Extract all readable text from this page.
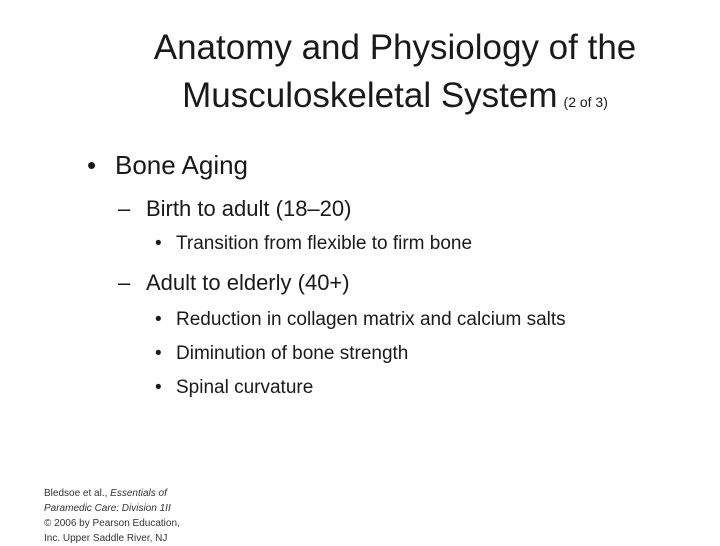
Anatomy and Physiology of the
Musculoskeletal System (2 of 3)
• Bone Aging
– Birth to adult (18–20)
• Transition from flexible to firm bone
– Adult to elderly (40+)
• Reduction in collagen matrix and calcium salts
• Diminution of bone strength
• Spinal curvature
Bledsoe et al., Essentials of Paramedic Care: Division 1II
© 2006 by Pearson Education,
Inc. Upper Saddle River, NJ
